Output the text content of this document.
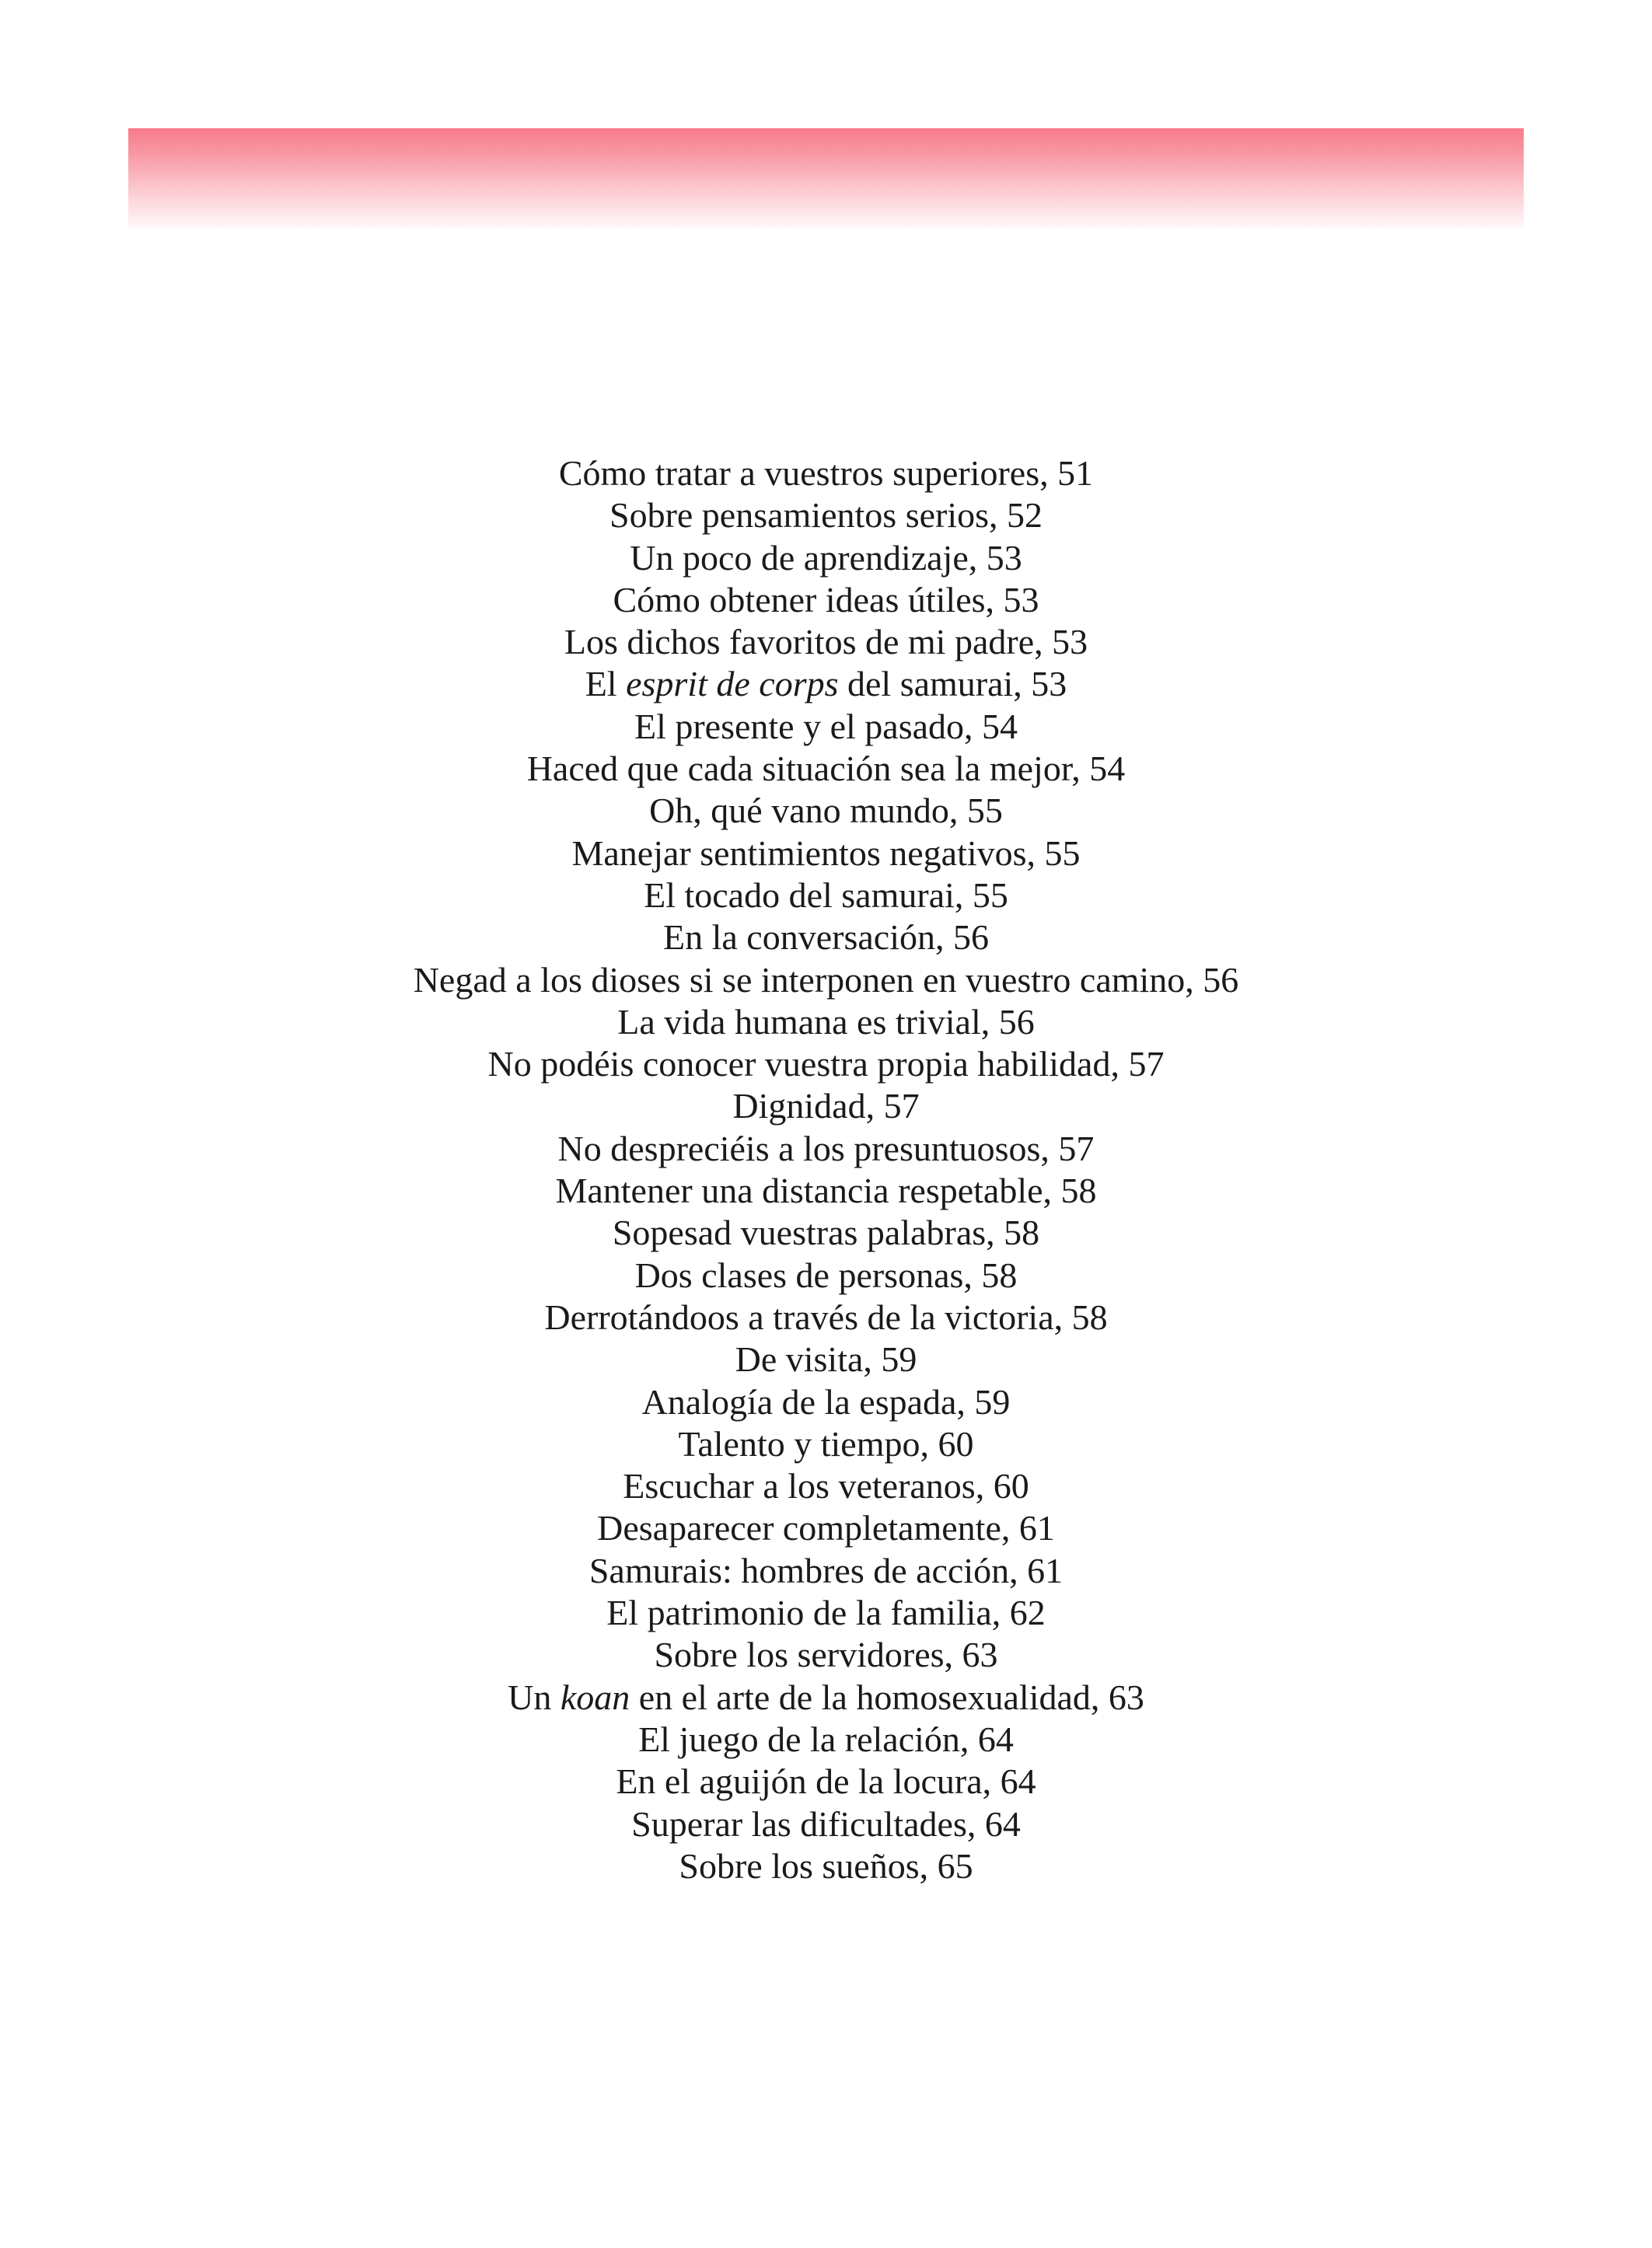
Cómo tratar a vuestros superiores, 51
Sobre pensamientos serios, 52
Un poco de aprendizaje, 53
Cómo obtener ideas útiles, 53
Los dichos favoritos de mi padre, 53
El esprit de corps del samurai, 53
El presente y el pasado, 54
Haced que cada situación sea la mejor, 54
Oh, qué vano mundo, 55
Manejar sentimientos negativos, 55
El tocado del samurai, 55
En la conversación, 56
Negad a los dioses si se interponen en vuestro camino, 56
La vida humana es trivial, 56
No podéis conocer vuestra propia habilidad, 57
Dignidad, 57
No despreciéis a los presuntuosos, 57
Mantener una distancia respetable, 58
Sopesad vuestras palabras, 58
Dos clases de personas, 58
Derrotándoos a través de la victoria, 58
De visita, 59
Analogía de la espada, 59
Talento y tiempo, 60
Escuchar a los veteranos, 60
Desaparecer completamente, 61
Samurais: hombres de acción, 61
El patrimonio de la familia, 62
Sobre los servidores, 63
Un koan en el arte de la homosexualidad, 63
El juego de la relación, 64
En el aguijón de la locura, 64
Superar las dificultades, 64
Sobre los sueños, 65
